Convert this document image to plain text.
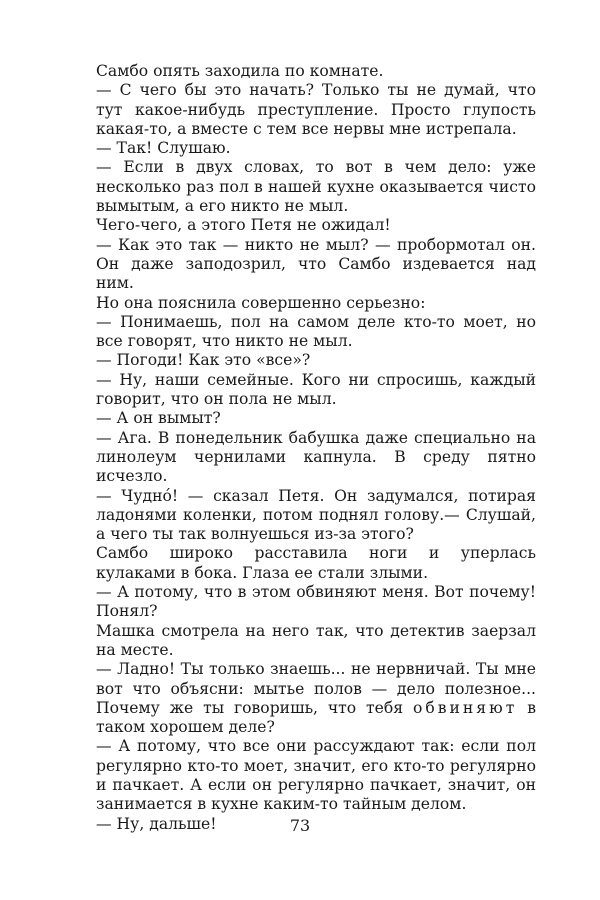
Самбо опять заходила по комнате.

— С чего бы это начать? Только ты не думай, что тут какое-нибудь преступление. Просто глупость какая-то, а вместе с тем все нервы мне истрепала.

— Так! Слушаю.

— Если в двух словах, то вот в чем дело: уже несколько раз пол в нашей кухне оказывается чисто вымытым, а его никто не мыл.

Чего-чего, а этого Петя не ожидал!

— Как это так — никто не мыл? — пробормотал он. Он даже заподозрил, что Самбо издевается над ним.

Но она пояснила совершенно серьезно:

— Понимаешь, пол на самом деле кто-то моет, но все говорят, что никто не мыл.

— Погоди! Как это «все»?

— Ну, наши семейные. Кого ни спросишь, каждый говорит, что он пола не мыл.

— А он вымыт?

— Ага. В понедельник бабушка даже специально на линолеум чернилами капнула. В среду пятно исчезло.

— Чудно́! — сказал Петя. Он задумался, потирая ладонями коленки, потом поднял голову.— Слушай, а чего ты так волнуешься из-за этого?

Самбо широко расставила ноги и уперлась кулаками в бока. Глаза ее стали злыми.

— А потому, что в этом обвиняют меня. Вот почему! Понял?

Машка смотрела на него так, что детектив заерзал на месте.

— Ладно! Ты только знаешь... не нервничай. Ты мне вот что объясни: мытье полов — дело полезное... Почему же ты говоришь, что тебя обвиняют в таком хорошем деле?

— А потому, что все они рассуждают так: если пол регулярно кто-то моет, значит, его кто-то регулярно и пачкает. А если он регулярно пачкает, значит, он занимается в кухне каким-то тайным делом.

— Ну, дальше!	73
